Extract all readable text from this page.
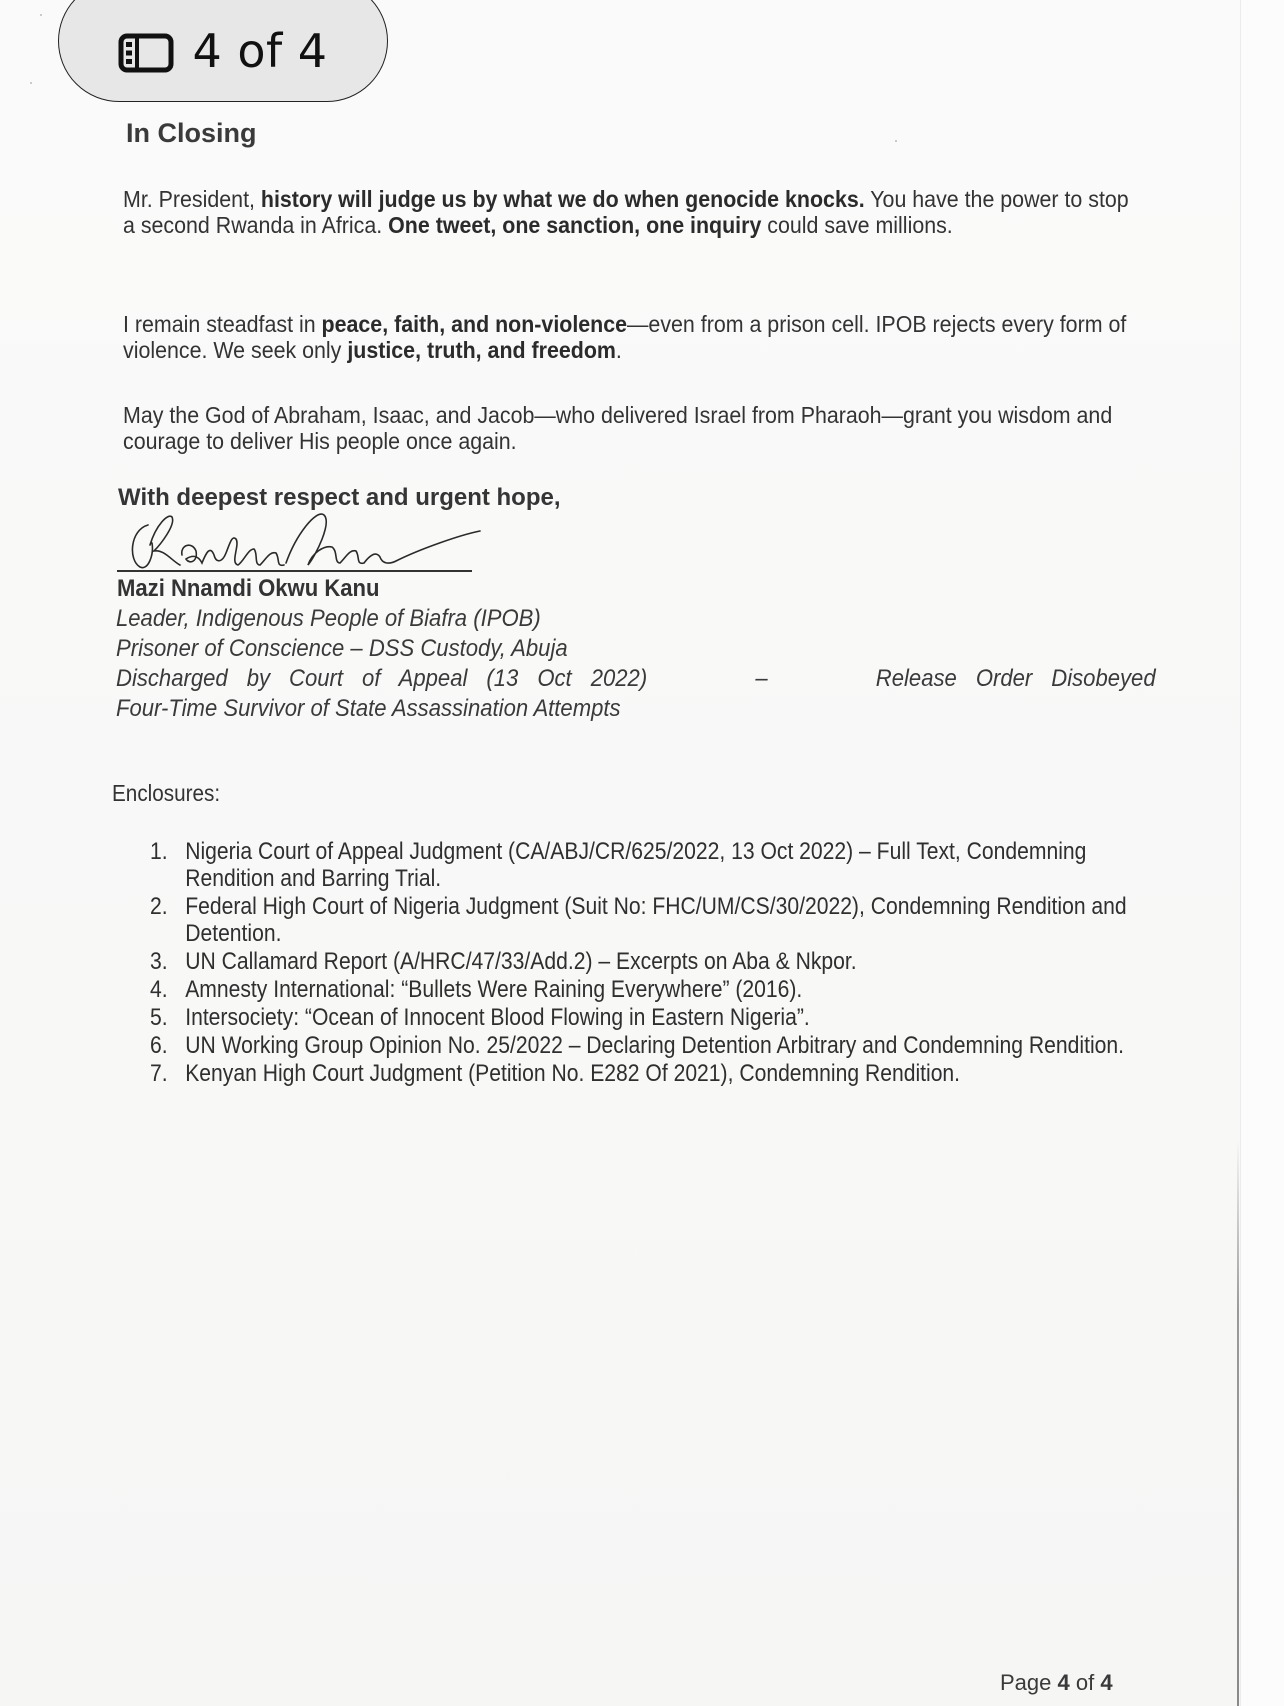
4 of 4
In Closing

Mr. President, history will judge us by what we do when genocide knocks. You have the power to stop a second Rwanda in Africa. One tweet, one sanction, one inquiry could save millions.

I remain steadfast in peace, faith, and non-violence—even from a prison cell. IPOB rejects every form of violence. We seek only justice, truth, and freedom.

May the God of Abraham, Isaac, and Jacob—who delivered Israel from Pharaoh—grant you wisdom and courage to deliver His people once again.

With deepest respect and urgent hope,

Mazi Nnamdi Okwu Kanu

Leader, Indigenous People of Biafra (IPOB)

Prisoner of Conscience – DSS Custody, Abuja

Discharged by Court of Appeal (13 Oct 2022)	–	Release Order Disobeyed

Four-Time Survivor of State Assassination Attempts

Enclosures:

1. Nigeria Court of Appeal Judgment (CA/ABJ/CR/625/2022, 13 Oct 2022) – Full Text, Condemning Rendition and Barring Trial.
2. Federal High Court of Nigeria Judgment (Suit No: FHC/UM/CS/30/2022), Condemning Rendition and Detention.
3. UN Callamard Report (A/HRC/47/33/Add.2) – Excerpts on Aba & Nkpor.
4. Amnesty International: “Bullets Were Raining Everywhere” (2016).
5. Intersociety: “Ocean of Innocent Blood Flowing in Eastern Nigeria”.
6. UN Working Group Opinion No. 25/2022 – Declaring Detention Arbitrary and Condemning Rendition.
7. Kenyan High Court Judgment (Petition No. E282 Of 2021), Condemning Rendition.

Page 4 of 4
